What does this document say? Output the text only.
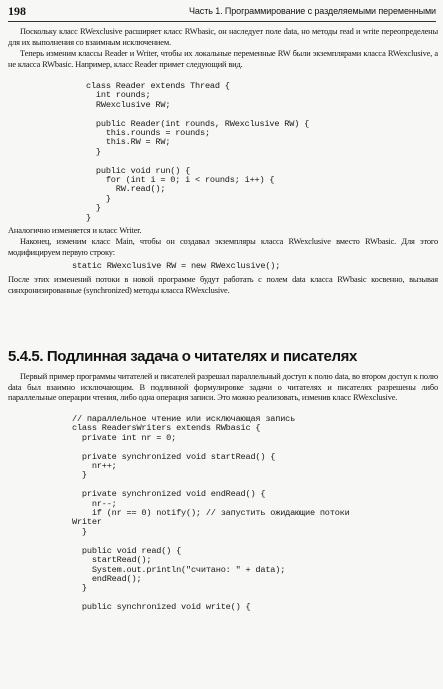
198	Часть 1. Программирование с разделяемыми переменными
Поскольку класс RWexclusive расширяет класс RWbasic, он наследует поле data, но методы read и write переопределены для их выполнения со взаимным исключением.
Теперь изменим классы Reader и Writer, чтобы их локальные переменные RW были экземплярами класса RWexclusive, а не класса RWbasic. Например, класс Reader примет следующий вид.
class Reader extends Thread {
int rounds;
RWexclusive RW;

public Reader(int rounds, RWexclusive RW) {
this.rounds = rounds;
this.RW = RW;
}

public void run() {
for (int i = 0; i < rounds; i++) {
RW.read();
}
}
}
Аналогично изменяется и класс Writer.
Наконец, изменим класс Main, чтобы он создавал экземпляры класса RWexclusive вместо RWbasic. Для этого модифицируем первую строку:
static RWexclusive RW = new RWexclusive();
После этих изменений потоки в новой программе будут работать с полем data класса RWbasic косвенно, вызывая синхронизированные (synchronized) методы класса RWexclusive.
5.4.5. Подлинная задача о читателях и писателях
Первый пример программы читателей и писателей разрешал параллельный доступ к полю data, во втором доступ к полю data был взаимно исключающим. В подлинной формулировке задачи о читателях и писателях разрешены либо параллельные операции чтения, либо одна операция записи. Это можно реализовать, изменив класс RWexclusive.
// параллельное чтение или исключающая запись
class ReadersWriters extends RWbasic {
private int nr = 0;

private synchronized void startRead() {
nr++;
}

private synchronized void endRead() {
nr--;
if (nr == 0) notify(); // запустить ожидающие потоки
Writer
}

public void read() {
startRead();
System.out.println("считано: " + data);
endRead();
}

public synchronized void write() {
